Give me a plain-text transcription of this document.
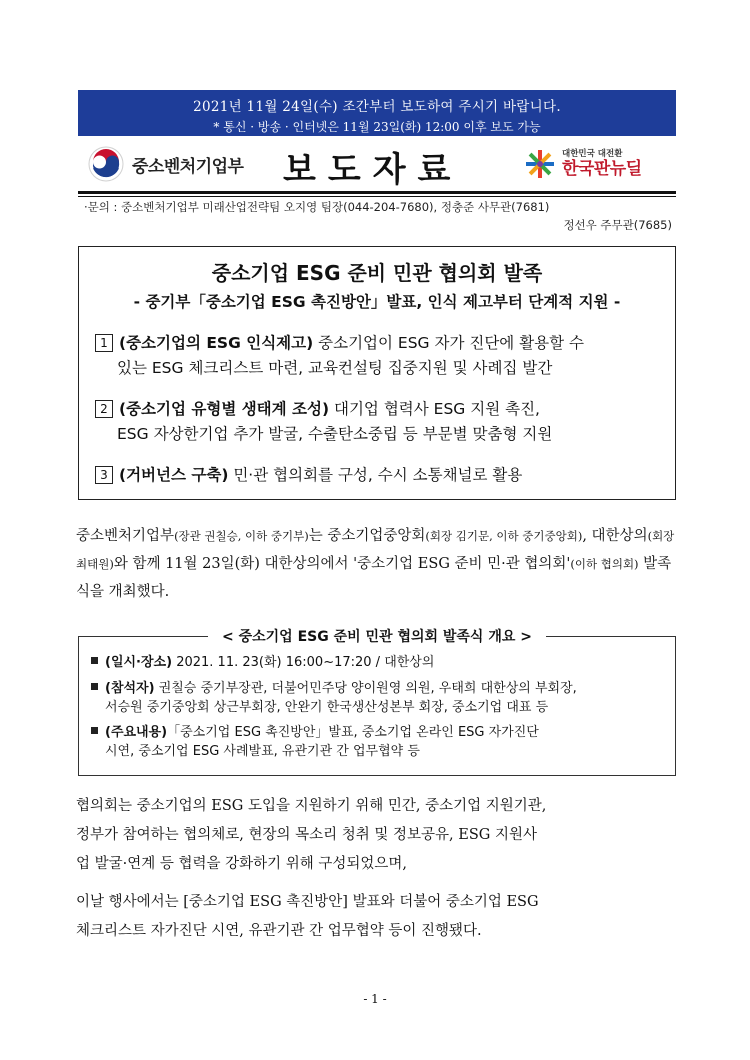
2021년 11월 24일(수) 조간부터 보도하여 주시기 바랍니다.
* 통신 · 방송 · 인터넷은 11월 23일(화) 12:00 이후 보도 가능
중소벤처기업부 보도자료	대한민국 대전환
한국판뉴딜
·문의 : 중소벤처기업부 미래산업전략팀 오지영 팀장(044-204-7680), 정충준 사무관(7681)
정선우 주무관(7685)
중소기업 ESG 준비 민관 협의회 발족
- 중기부「중소기업 ESG 촉진방안」발표, 인식 제고부터 단계적 지원 -
1 (중소기업의 ESG 인식제고) 중소기업이 ESG 자가 진단에 활용할 수
있는 ESG 체크리스트 마련, 교육컨설팅 집중지원 및 사례집 발간
2 (중소기업 유형별 생태계 조성) 대기업 협력사 ESG 지원 촉진,
ESG 자상한기업 추가 발굴, 수출탄소중립 등 부문별 맞춤형 지원
3 (거버넌스 구축) 민·관 협의회를 구성, 수시 소통채널로 활용
중소벤처기업부(장관 권칠승, 이하 중기부)는 중소기업중앙회(회장 김기문, 이하 중기중앙회), 대한상의(회장 최태원)와 함께 11월 23일(화) 대한상의에서 '중소기업 ESG 준비 민·관 협의회'(이하 협의회) 발족식을 개최했다.
< 중소기업 ESG 준비 민관 협의회 발족식 개요 >
(일시·장소) 2021. 11. 23(화) 16:00~17:20 / 대한상의
(참석자) 권칠승 중기부장관, 더불어민주당 양이원영 의원, 우태희 대한상의 부회장,
서승원 중기중앙회 상근부회장, 안완기 한국생산성본부 회장, 중소기업 대표 등
(주요내용)「중소기업 ESG 촉진방안」발표, 중소기업 온라인 ESG 자가진단
시연, 중소기업 ESG 사례발표, 유관기관 간 업무협약 등
협의회는 중소기업의 ESG 도입을 지원하기 위해 민간, 중소기업 지원기관,
정부가 참여하는 협의체로, 현장의 목소리 청취 및 정보공유, ESG 지원사
업 발굴·연계 등 협력을 강화하기 위해 구성되었으며,
이날 행사에서는 [중소기업 ESG 촉진방안] 발표와 더불어 중소기업 ESG
체크리스트 자가진단 시연, 유관기관 간 업무협약 등이 진행됐다.
- 1 -
